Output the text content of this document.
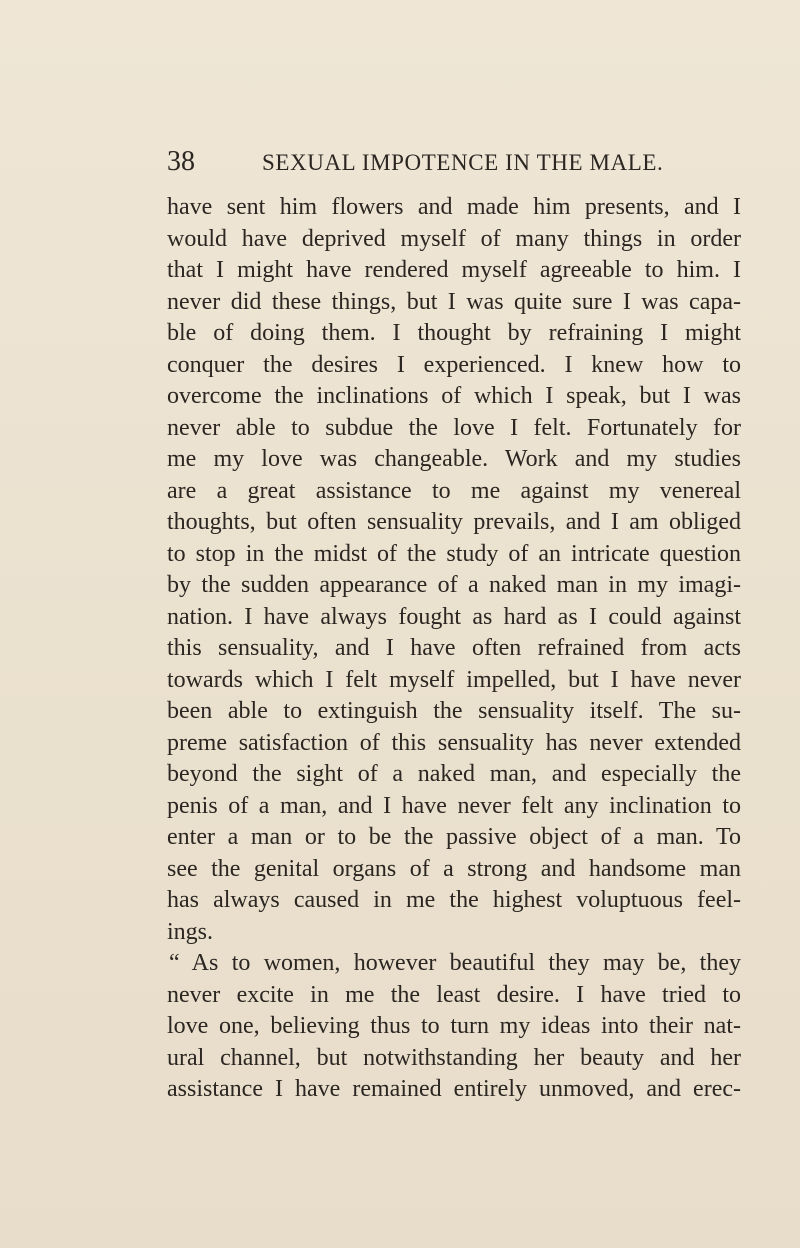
38	SEXUAL IMPOTENCE IN THE MALE.
have sent him flowers and made him presents, and I
would have deprived myself of many things in order
that I might have rendered myself agreeable to him. I
never did these things, but I was quite sure I was capa-
ble of doing them. I thought by refraining I might
conquer the desires I experienced. I knew how to
overcome the inclinations of which I speak, but I was
never able to subdue the love I felt. Fortunately for
me my love was changeable. Work and my studies
are a great assistance to me against my venereal
thoughts, but often sensuality prevails, and I am obliged
to stop in the midst of the study of an intricate question
by the sudden appearance of a naked man in my imagi-
nation. I have always fought as hard as I could against
this sensuality, and I have often refrained from acts
towards which I felt myself impelled, but I have never
been able to extinguish the sensuality itself. The su-
preme satisfaction of this sensuality has never extended
beyond the sight of a naked man, and especially the
penis of a man, and I have never felt any inclination to
enter a man or to be the passive object of a man. To
see the genital organs of a strong and handsome man
has always caused in me the highest voluptuous feel-
ings.
“ As to women, however beautiful they may be, they
never excite in me the least desire. I have tried to
love one, believing thus to turn my ideas into their nat-
ural channel, but notwithstanding her beauty and her
assistance I have remained entirely unmoved, and erec-
